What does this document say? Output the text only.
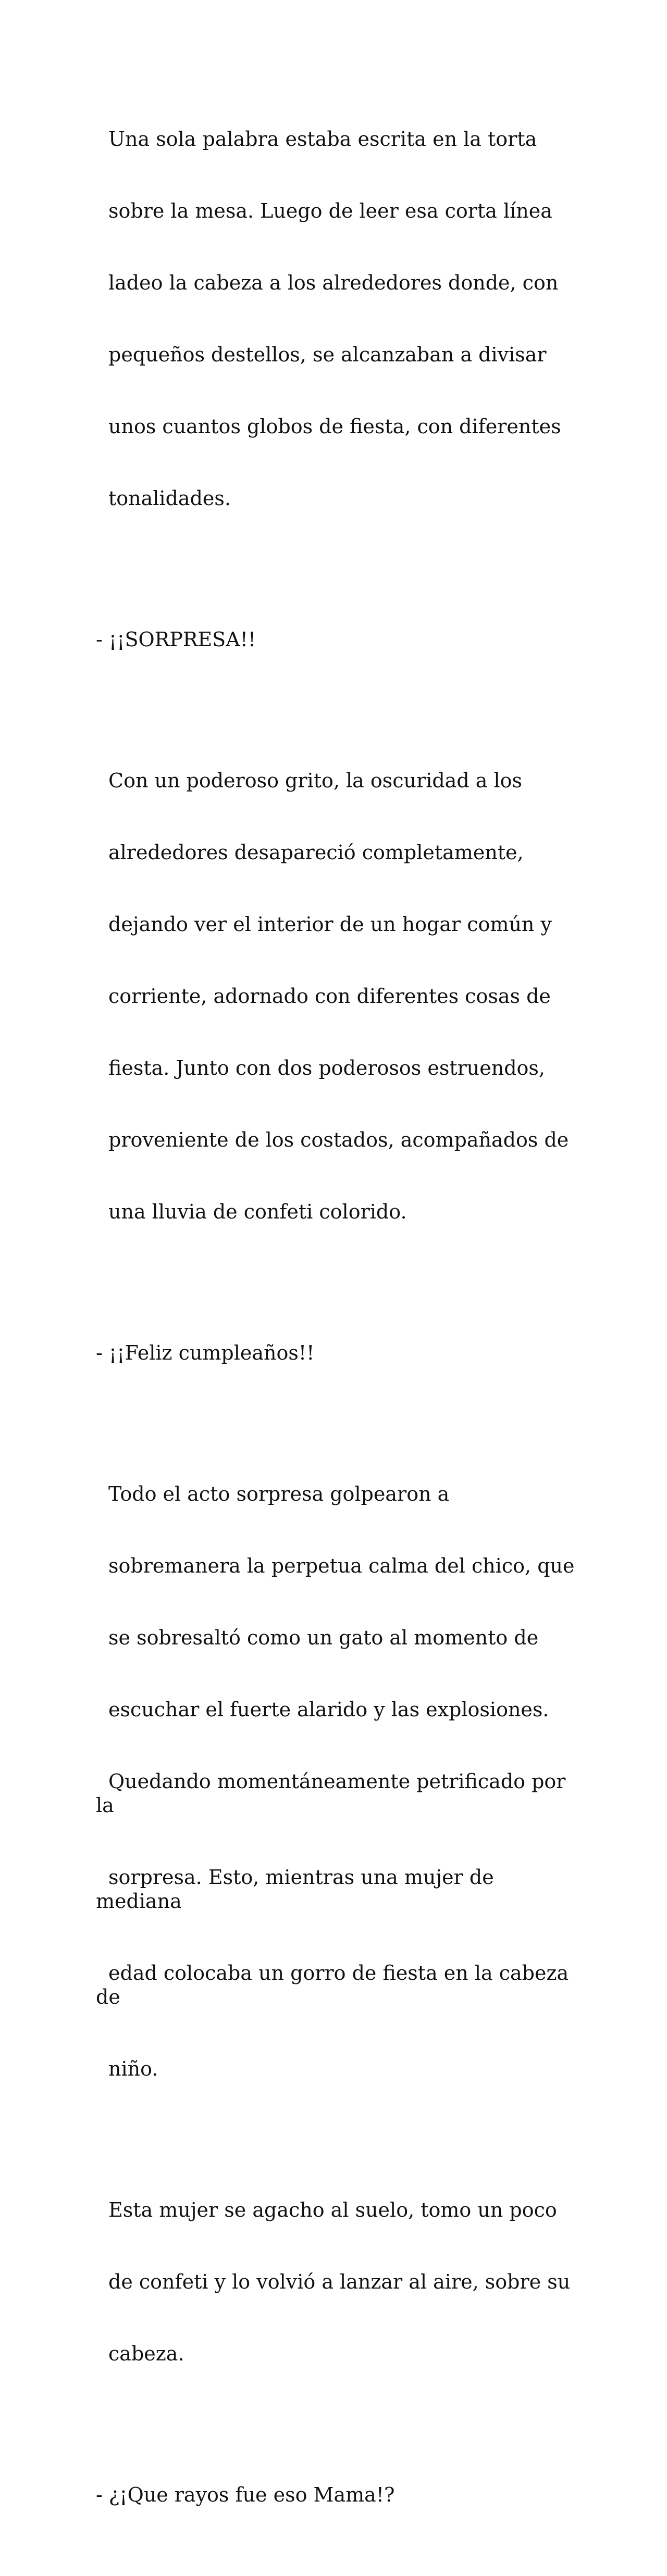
Una sola palabra estaba escrita en la torta

sobre la mesa. Luego de leer esa corta línea

ladeo la cabeza a los alrededores donde, con

pequeños destellos, se alcanzaban a divisar

unos cuantos globos de fiesta, con diferentes

tonalidades.

- ¡¡SORPRESA!!

Con un poderoso grito, la oscuridad a los

alrededores desapareció completamente,

dejando ver el interior de un hogar común y

corriente, adornado con diferentes cosas de

fiesta. Junto con dos poderosos estruendos,

proveniente de los costados, acompañados de

una lluvia de confeti colorido.

- ¡¡Feliz cumpleaños!!

Todo el acto sorpresa golpearon a

sobremanera la perpetua calma del chico, que

se sobresaltó como un gato al momento de

escuchar el fuerte alarido y las explosiones.

Quedando momentáneamente petrificado por la

sorpresa. Esto, mientras una mujer de mediana

edad colocaba un gorro de fiesta en la cabeza de

niño.

Esta mujer se agacho al suelo, tomo un poco

de confeti y lo volvió a lanzar al aire, sobre su

cabeza.

- ¿¡Que rayos fue eso Mama!?
